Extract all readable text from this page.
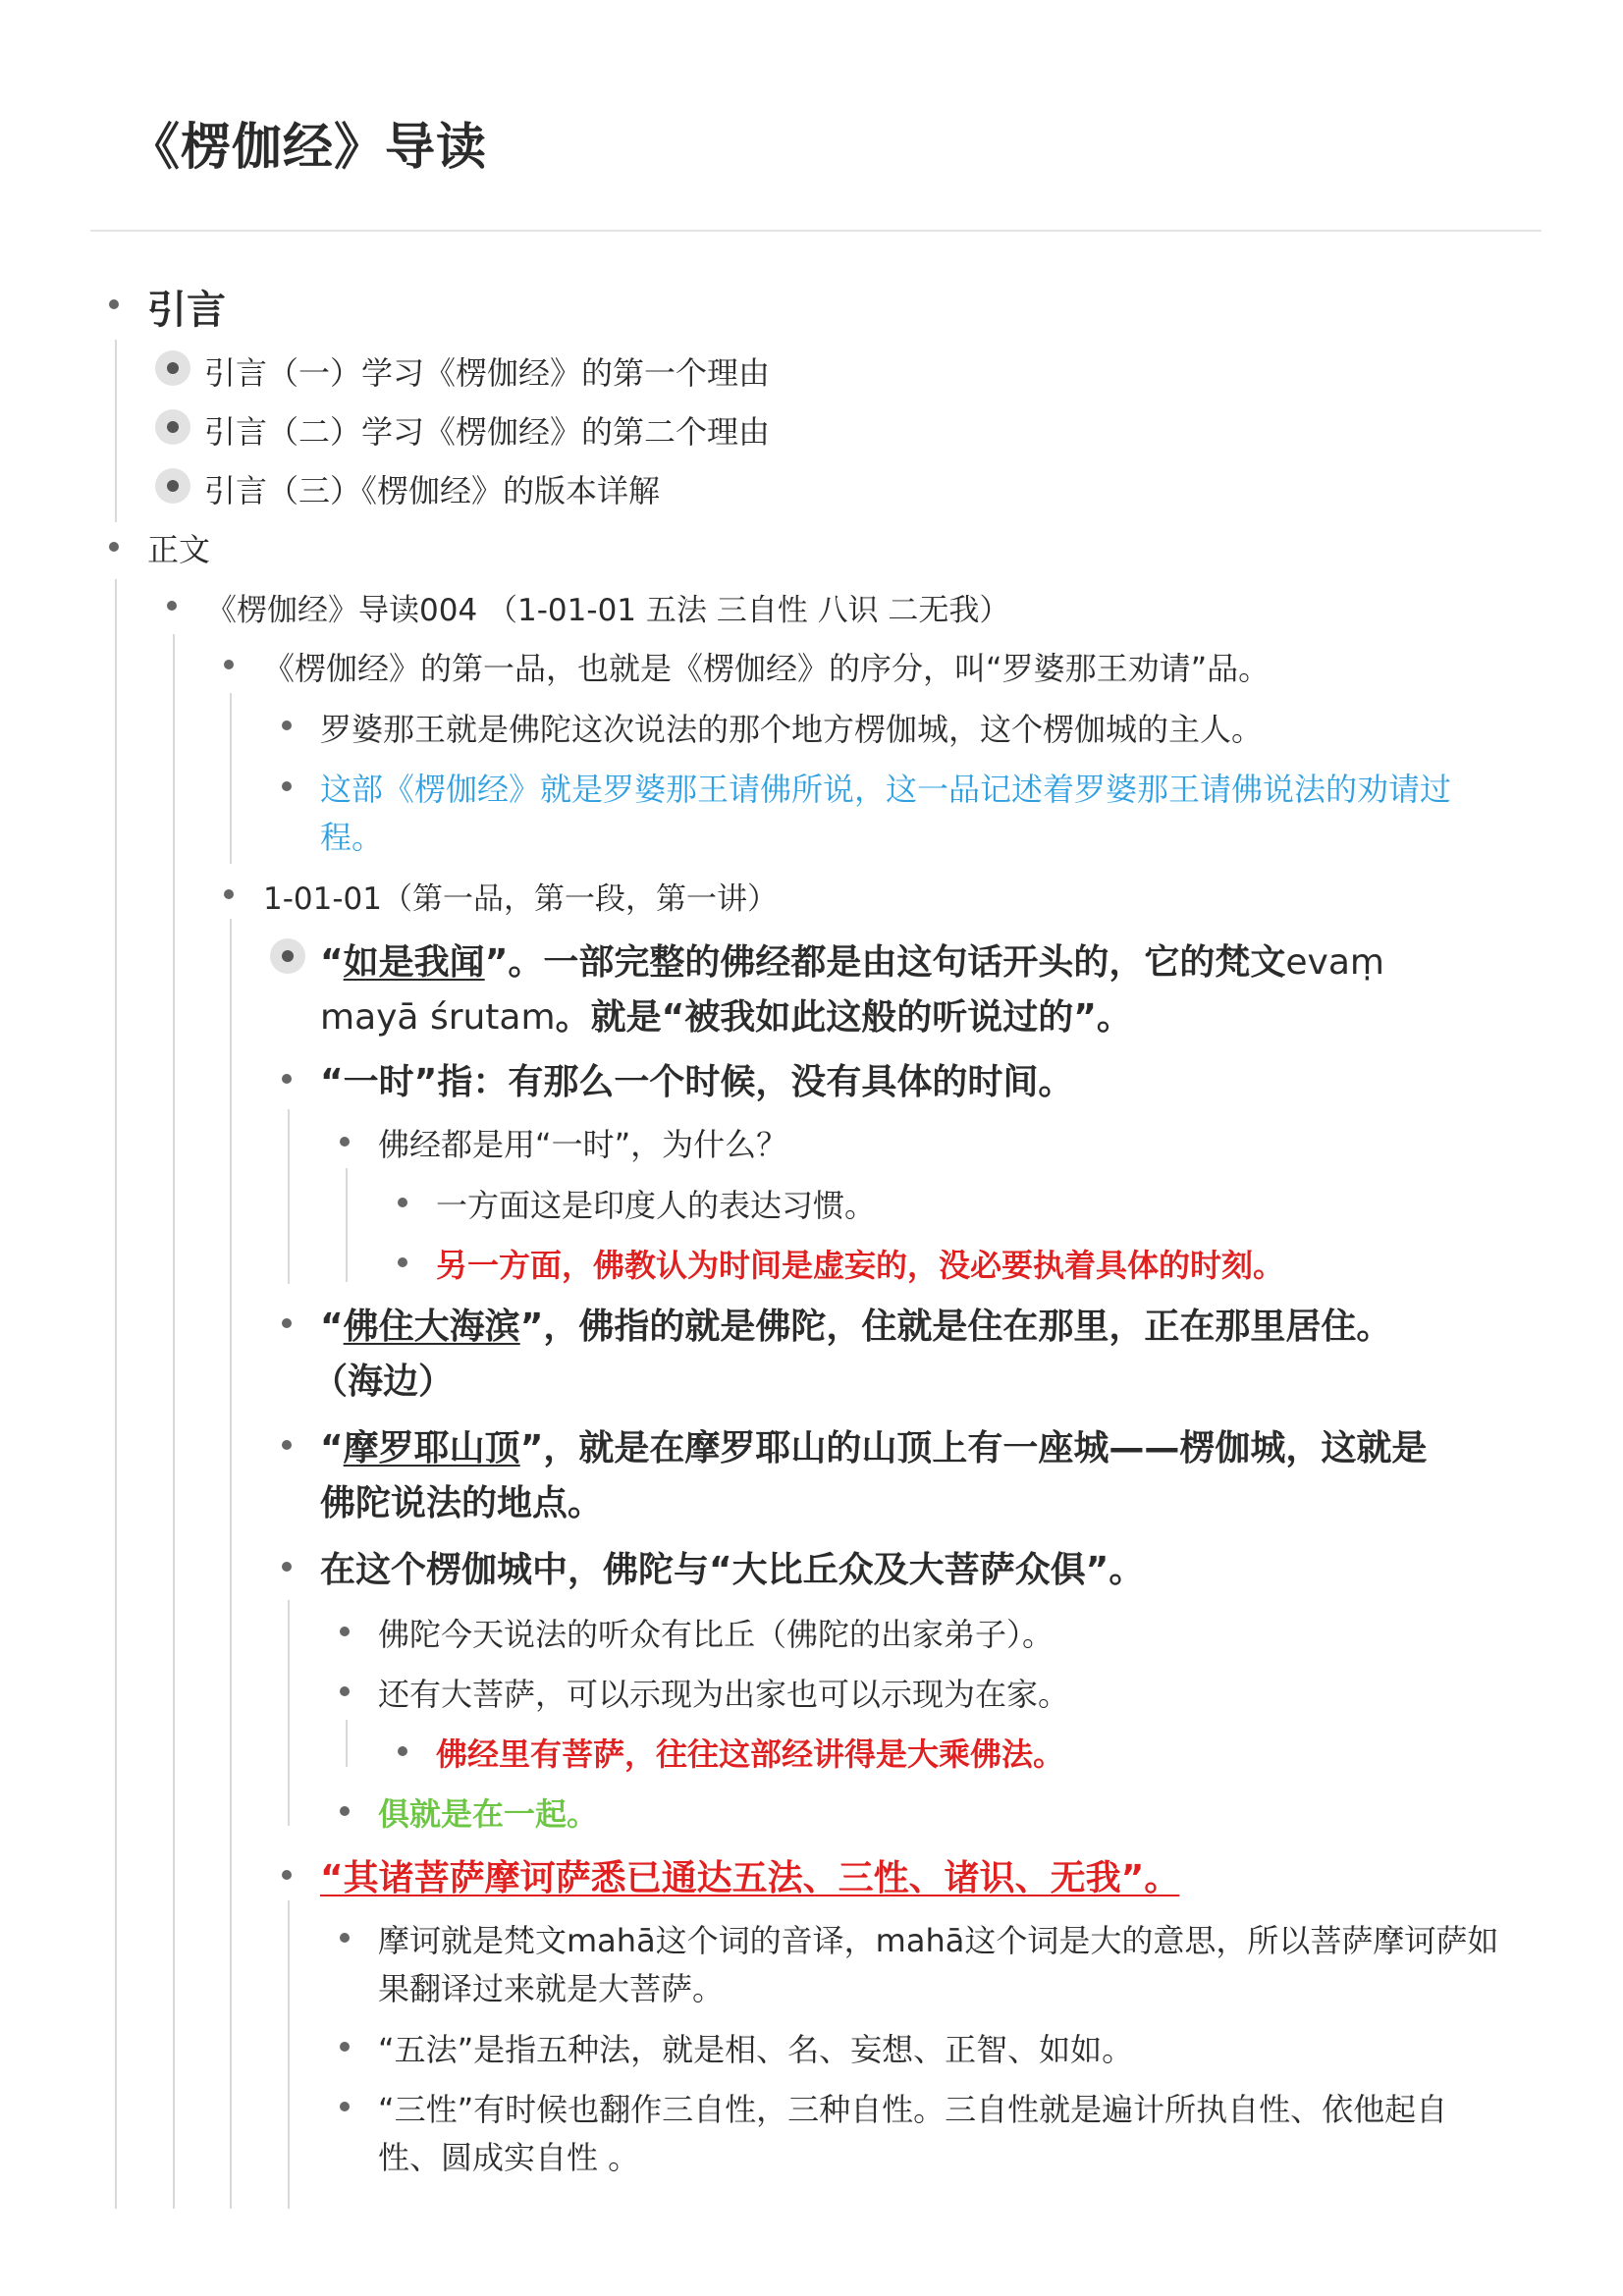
《楞伽经》导读
引言
引言（一）学习《楞伽经》的第一个理由
引言（二）学习《楞伽经》的第二个理由
引言（三）《楞伽经》的版本详解
正文
《楞伽经》导读004 （1-01-01 五法 三自性 八识 二无我）
《楞伽经》的第一品，也就是《楞伽经》的序分，叫“罗婆那王劝请”品。
罗婆那王就是佛陀这次说法的那个地方楞伽城，这个楞伽城的主人。
这部《楞伽经》就是罗婆那王请佛所说，这一品记述着罗婆那王请佛说法的劝请过
程。
1-01-01（第一品，第一段，第一讲）
“如是我闻”。一部完整的佛经都是由这句话开头的，它的梵文evaṃ
mayā śrutam。就是“被我如此这般的听说过的”。
“一时”指：有那么一个时候，没有具体的时间。
佛经都是用“一时”，为什么？
一方面这是印度人的表达习惯。
另一方面，佛教认为时间是虚妄的，没必要执着具体的时刻。
“佛住大海滨”，佛指的就是佛陀，住就是住在那里，正在那里居住。
（海边）
“摩罗耶山顶”，就是在摩罗耶山的山顶上有一座城——楞伽城，这就是
佛陀说法的地点。
在这个楞伽城中，佛陀与“大比丘众及大菩萨众俱”。
佛陀今天说法的听众有比丘（佛陀的出家弟子）。
还有大菩萨，可以示现为出家也可以示现为在家。
佛经里有菩萨，往往这部经讲得是大乘佛法。
俱就是在一起。
“其诸菩萨摩诃萨悉已通达五法、三性、诸识、无我”。
摩诃就是梵文mahā这个词的音译，mahā这个词是大的意思，所以菩萨摩诃萨如
果翻译过来就是大菩萨。
“五法”是指五种法，就是相、名、妄想、正智、如如。
“三性”有时候也翻作三自性，三种自性。三自性就是遍计所执自性、依他起自
性、圆成实自性 。
